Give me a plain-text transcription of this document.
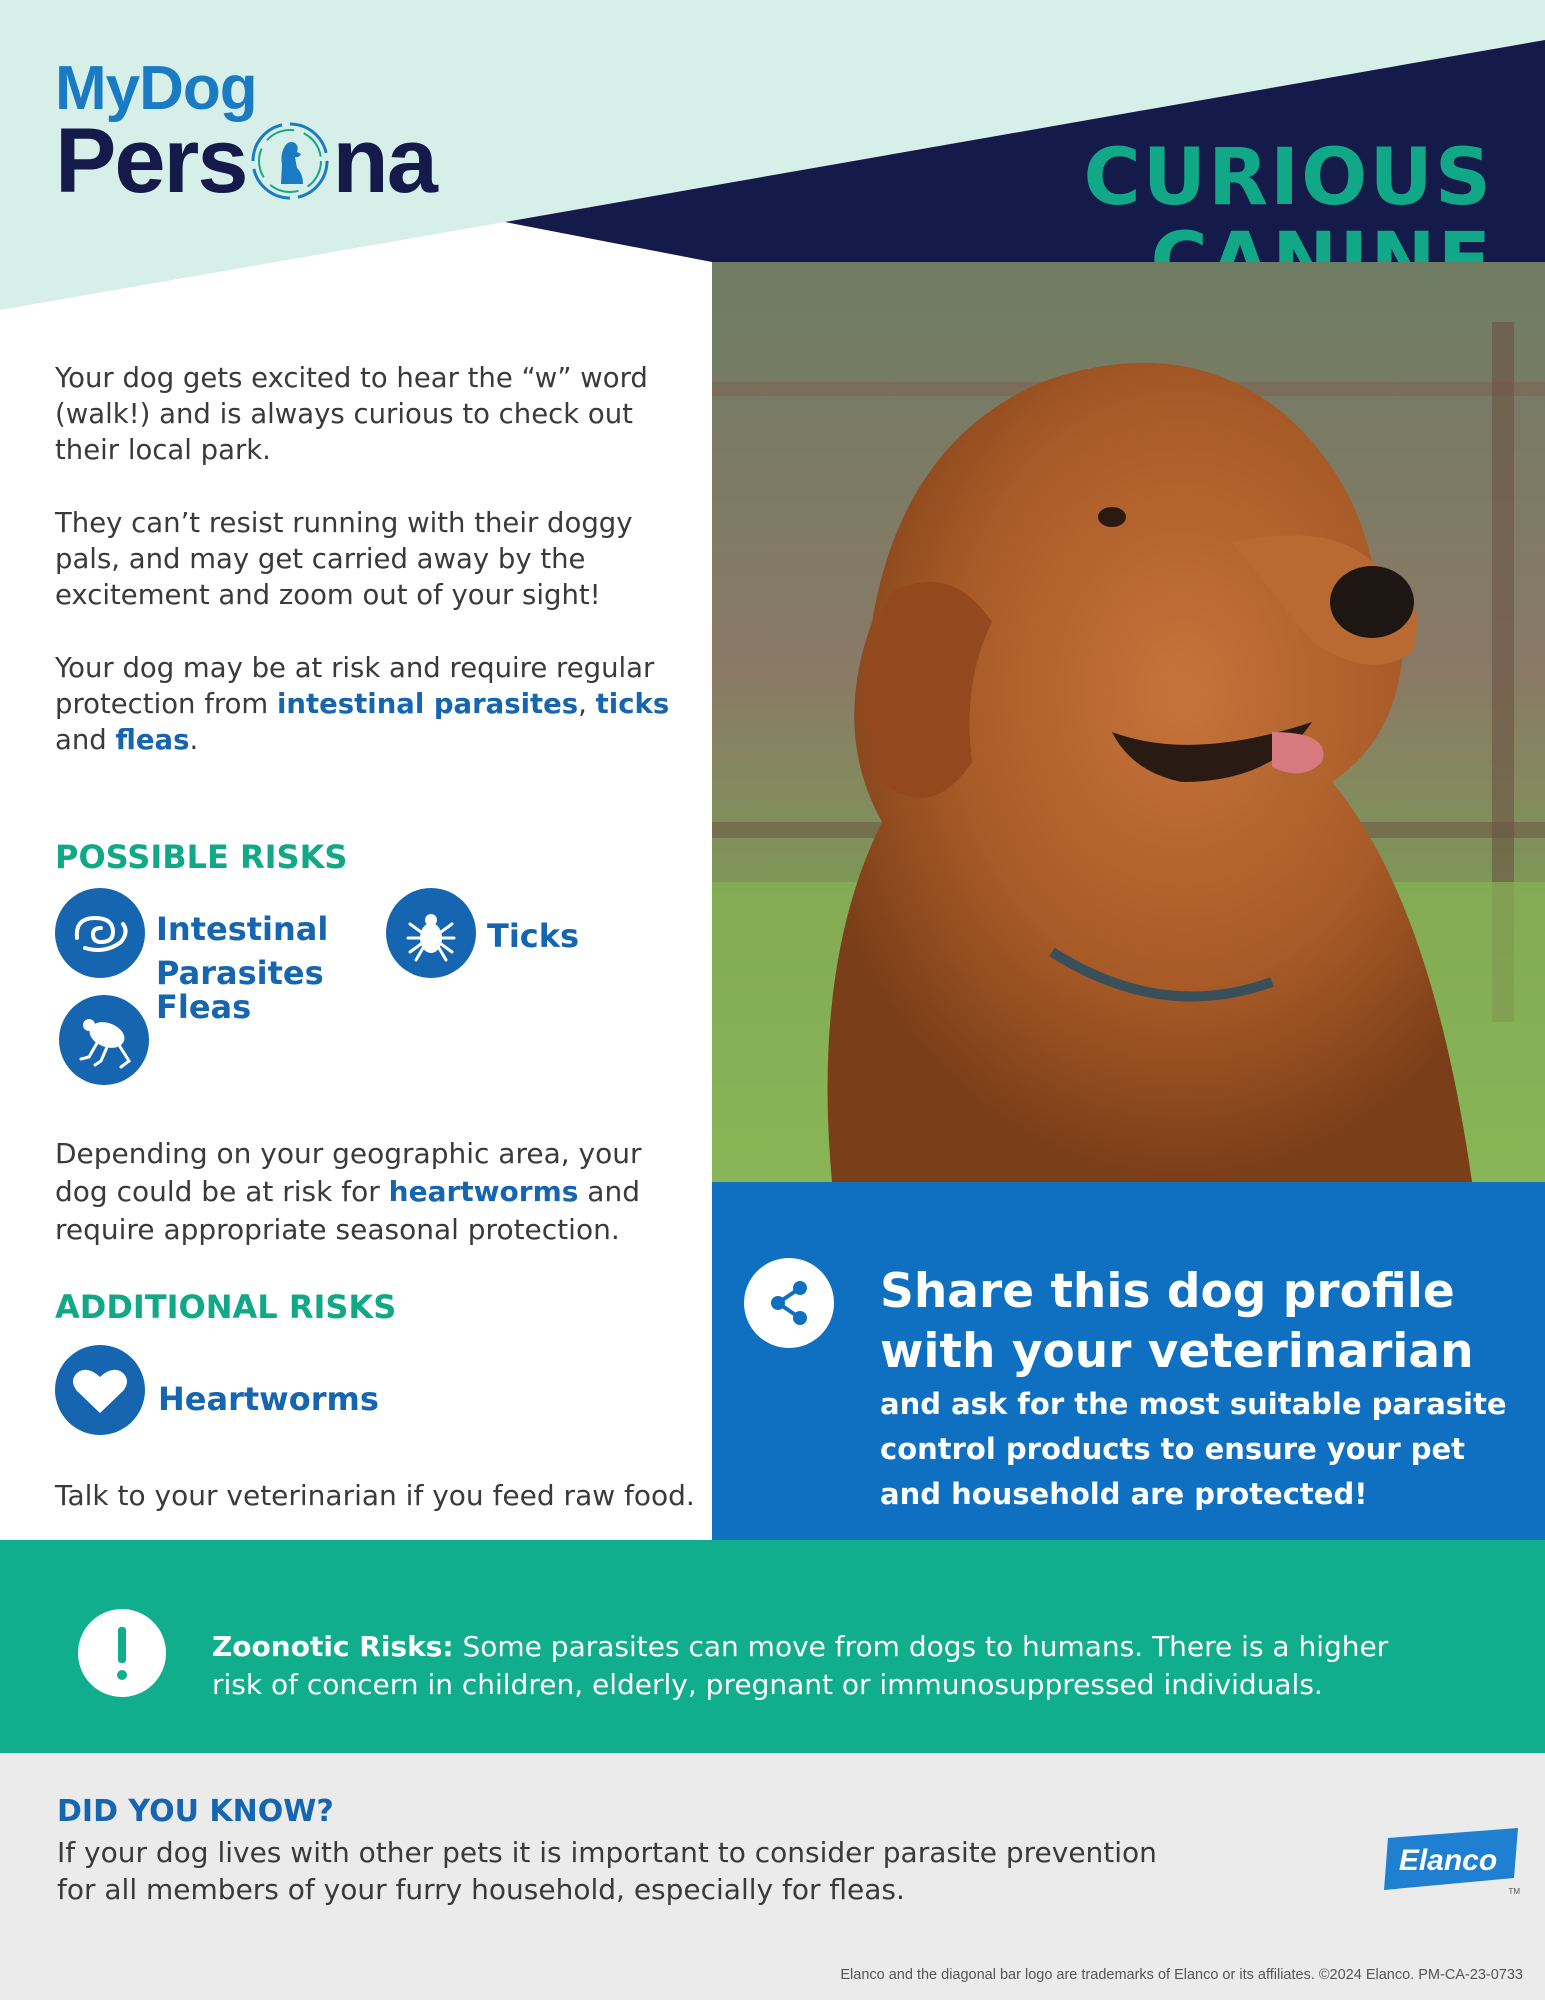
MyDog
Pers na	CURIOUS

Your dog gets excited to hear the “w” word (walk!) and is always curious to check out their local park.

They can’t resist running with their doggy pals, and may get carried away by the excitement and zoom out of your sight!

Your dog may be at risk and require regular protection from intestinal parasites, ticks and fleas.

POSSIBLE RISKS
Intestinal
Parasites
Ticks
Fleas

Depending on your geographic area, your dog could be at risk for heartworms and require appropriate seasonal protection.

ADDITIONAL RISKS
Heartworms
Talk to your veterinarian if you feed raw food.
Share this dog profile with your veterinarian
and ask for the most suitable parasite control products to ensure your pet and household are protected!
Zoonotic Risks: Some parasites can move from dogs to humans. There is a higher risk of concern in children, elderly, pregnant or immunosuppressed individuals.
DID YOU KNOW?
If your dog lives with other pets it is important to consider parasite prevention for all members of your furry household, especially for fleas.
Elanco
TM
Elanco and the diagonal bar logo are trademarks of Elanco or its affiliates. ©2024 Elanco. PM-CA-23-0733
